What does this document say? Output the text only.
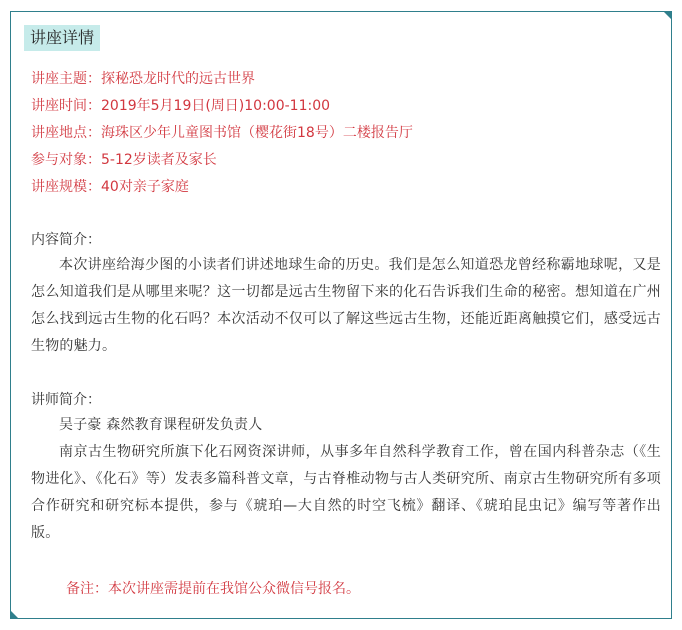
讲座详情
讲座主题：探秘恐龙时代的远古世界
讲座时间：2019年5月19日(周日)10:00-11:00
讲座地点：海珠区少年儿童图书馆（樱花街18号）二楼报告厅
参与对象：5-12岁读者及家长
讲座规模：40对亲子家庭
内容简介：
本次讲座给海少图的小读者们讲述地球生命的历史。我们是怎么知道恐龙曾经称霸地球呢，又是怎么知道我们是从哪里来呢？这一切都是远古生物留下来的化石告诉我们生命的秘密。想知道在广州怎么找到远古生物的化石吗？本次活动不仅可以了解这些远古生物，还能近距离触摸它们，感受远古生物的魅力。
讲师简介：
吴子豪 森然教育课程研发负责人
南京古生物研究所旗下化石网资深讲师，从事多年自然科学教育工作，曾在国内科普杂志（《生物进化》、《化石》等）发表多篇科普文章，与古脊椎动物与古人类研究所、南京古生物研究所有多项合作研究和研究标本提供，参与《琥珀—大自然的时空飞梳》翻译、《琥珀昆虫记》编写等著作出版。
备注：本次讲座需提前在我馆公众微信号报名。
